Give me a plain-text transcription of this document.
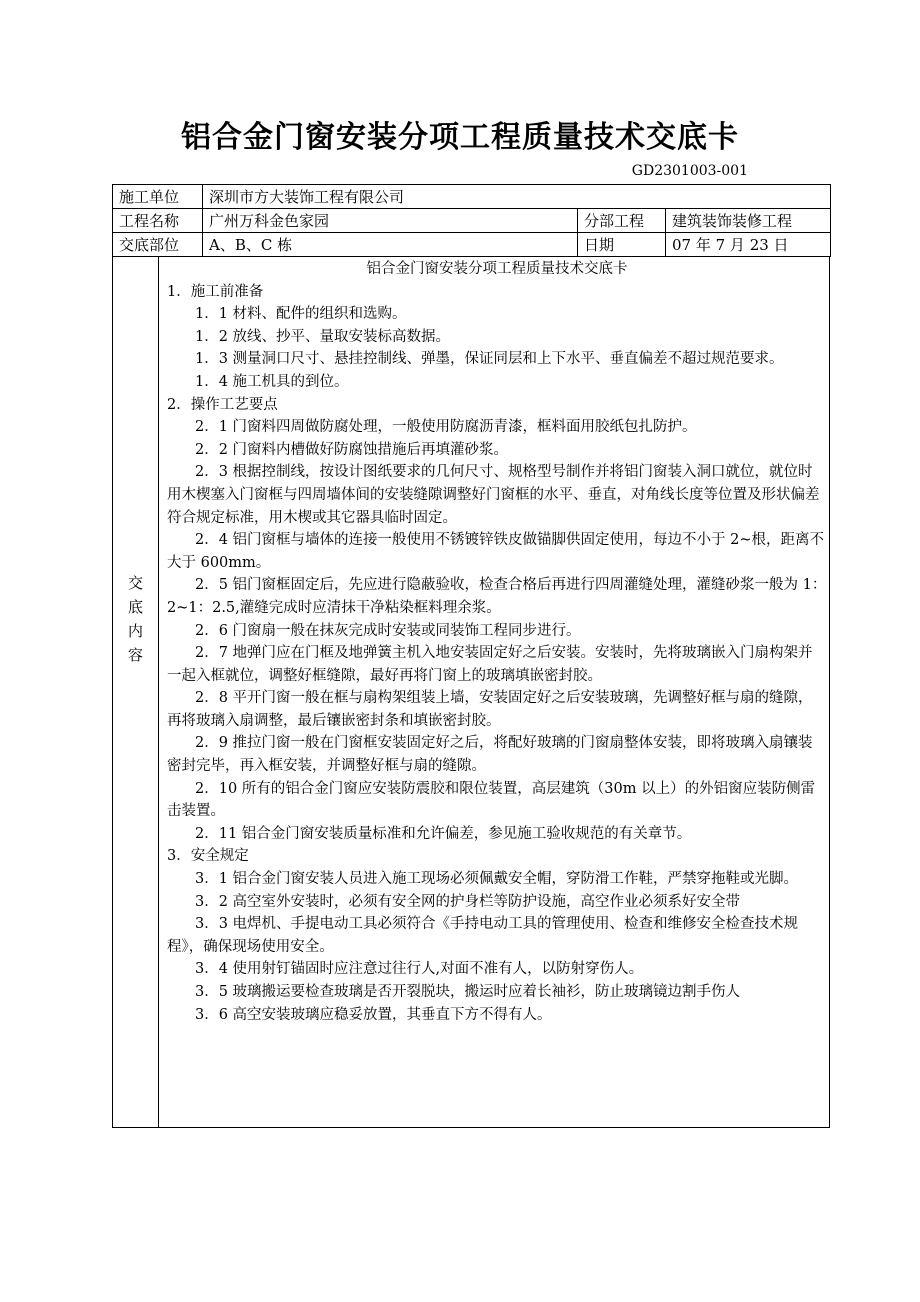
铝合金门窗安装分项工程质量技术交底卡
GD2301003-001
施工单位	深圳市方大装饰工程有限公司		
工程名称	广州万科金色家园	分部工程	建筑装饰装修工程
交底部位	A、B、C 栋	日期	07 年 7 月 23 日
交
底
内
容
铝合金门窗安装分项工程质量技术交底卡
1．施工前准备
1．1 材料、配件的组织和选购。
1．2 放线、抄平、量取安装标高数据。
1．3 测量洞口尺寸、悬挂控制线、弹墨，保证同层和上下水平、垂直偏差不超过规范要求。
1．4 施工机具的到位。
2．操作工艺要点
2．1 门窗料四周做防腐处理，一般使用防腐沥青漆，框料面用胶纸包扎防护。
2．2 门窗料内槽做好防腐蚀措施后再填灌砂浆。
2．3 根据控制线，按设计图纸要求的几何尺寸、规格型号制作并将铝门窗装入洞口就位，就位时用木楔塞入门窗框与四周墙体间的安装缝隙调整好门窗框的水平、垂直，对角线长度等位置及形状偏差符合规定标准，用木楔或其它器具临时固定。
2．4 铝门窗框与墙体的连接一般使用不锈镀锌铁皮做锚脚供固定使用，每边不小于 2~根，距离不大于 600mm。
2．5 铝门窗框固定后，先应进行隐蔽验收，检查合格后再进行四周灌缝处理，灌缝砂浆一般为 1：2~1：2.5,灌缝完成时应清抹干净粘染框料理余浆。
2．6 门窗扇一般在抹灰完成时安装或同装饰工程同步进行。
2．7 地弹门应在门框及地弹簧主机入地安装固定好之后安装。安装时，先将玻璃嵌入门扇构架并一起入框就位，调整好框缝隙，最好再将门窗上的玻璃填嵌密封胶。
2．8 平开门窗一般在框与扇构架组装上墙，安装固定好之后安装玻璃，先调整好框与扇的缝隙，再将玻璃入扇调整，最后镶嵌密封条和填嵌密封胶。
2．9 推拉门窗一般在门窗框安装固定好之后，将配好玻璃的门窗扇整体安装，即将玻璃入扇镶装密封完毕，再入框安装，并调整好框与扇的缝隙。
2．10 所有的铝合金门窗应安装防震胶和限位装置，高层建筑（30m 以上）的外铝窗应装防侧雷击装置。
2．11 铝合金门窗安装质量标准和允许偏差，参见施工验收规范的有关章节。
3．安全规定
3．1 铝合金门窗安装人员进入施工现场必须佩戴安全帽，穿防滑工作鞋，严禁穿拖鞋或光脚。
3．2 高空室外安装时，必须有安全网的护身栏等防护设施，高空作业必须系好安全带
3．3 电焊机、手提电动工具必须符合《手持电动工具的管理使用、检查和维修安全检查技术规程》，确保现场使用安全。
3．4 使用射钉锚固时应注意过往行人,对面不准有人，以防射穿伤人。
3．5 玻璃搬运要检查玻璃是否开裂脱块，搬运时应着长袖衫，防止玻璃镜边割手伤人
3．6 高空安装玻璃应稳妥放置，其垂直下方不得有人。
